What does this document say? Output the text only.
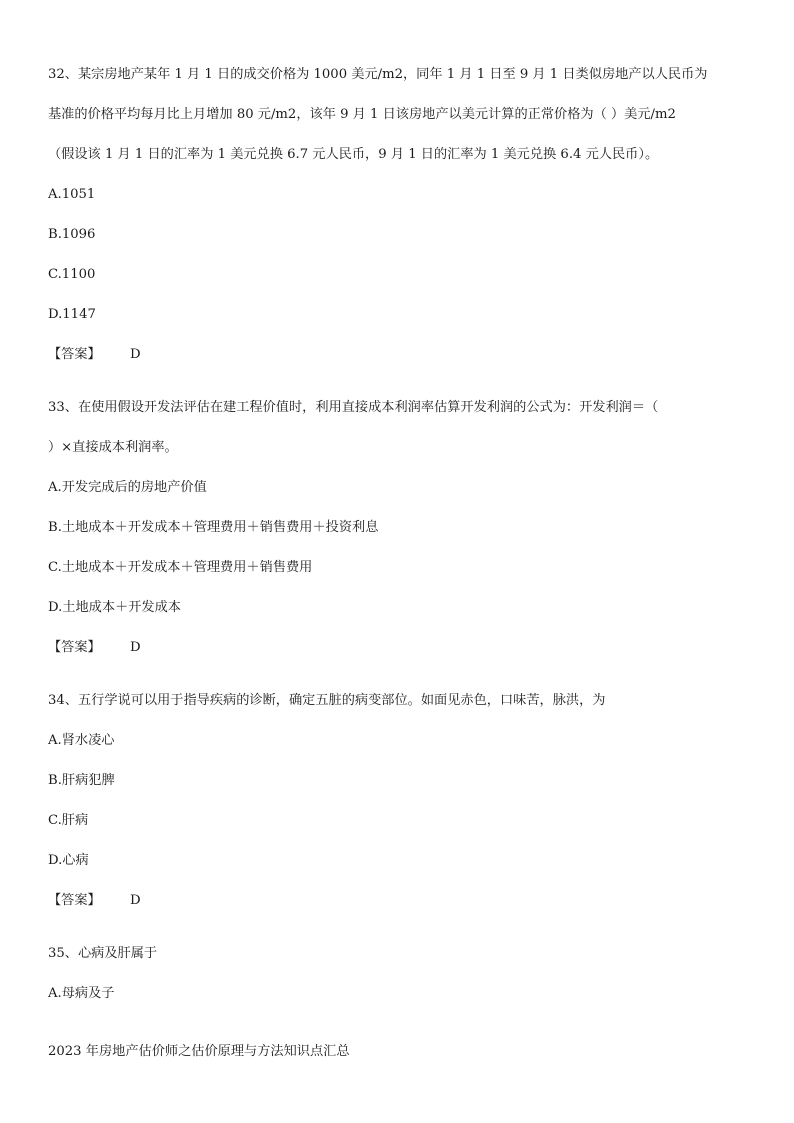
32、某宗房地产某年 1 月 1 日的成交价格为 1000 美元/m2，同年 1 月 1 日至 9 月 1 日类似房地产以人民币为
基准的价格平均每月比上月增加 80 元/m2，该年 9 月 1 日该房地产以美元计算的正常价格为（ ）美元/m2
（假设该 1 月 1 日的汇率为 1 美元兑换 6.7 元人民币，9 月 1 日的汇率为 1 美元兑换 6.4 元人民币）。
A.1051
B.1096
C.1100
D.1147
【答案】 D
33、在使用假设开发法评估在建工程价值时，利用直接成本利润率估算开发利润的公式为：开发利润＝（
）×直接成本利润率。
A.开发完成后的房地产价值
B.土地成本＋开发成本＋管理费用＋销售费用＋投资利息
C.土地成本＋开发成本＋管理费用＋销售费用
D.土地成本＋开发成本
【答案】 D
34、五行学说可以用于指导疾病的诊断，确定五脏的病变部位。如面见赤色，口味苦，脉洪，为
A.肾水凌心
B.肝病犯脾
C.肝病
D.心病
【答案】 D
35、心病及肝属于
A.母病及子
2023 年房地产估价师之估价原理与方法知识点汇总
